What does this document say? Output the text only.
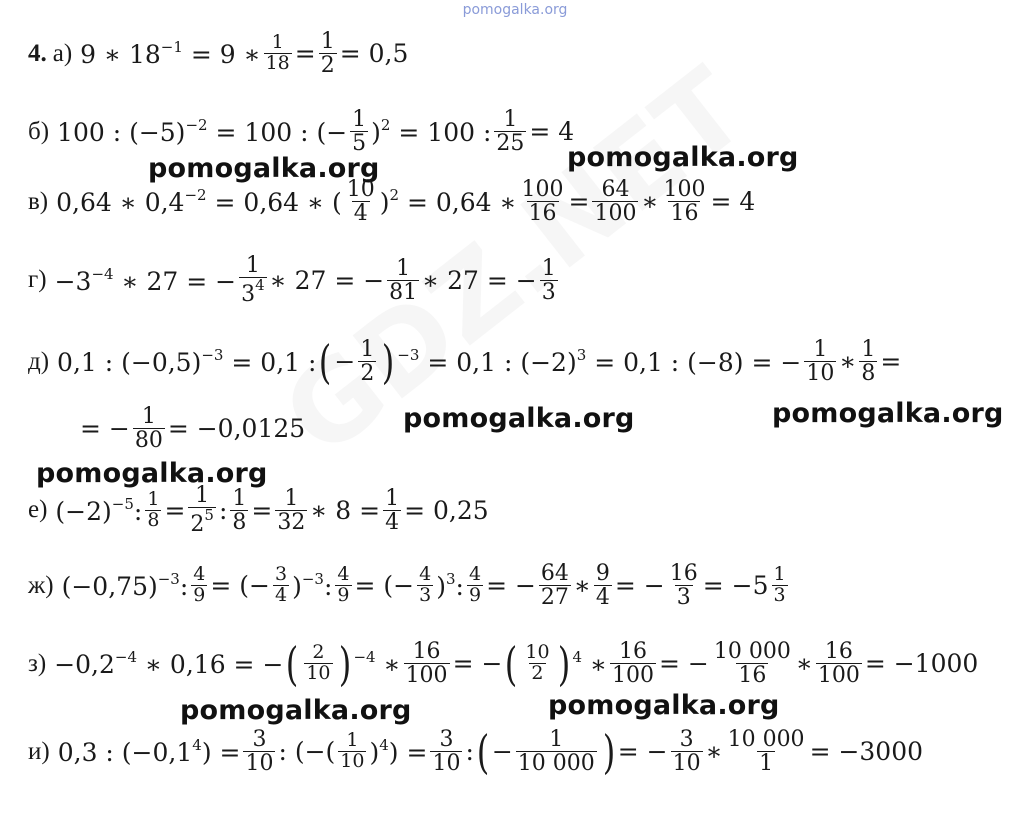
pomogalka.org
4. а) 9 ∗ $18^{-1} = 9$ ∗ $\frac{1}{18} = \frac{1}{2} = 0,5$
б) 100 : $(-5)^{-2} = 100$ : (− $\frac{1}{5} )^2 = 100$ : $\frac{1}{25} = 4$
pomogalka.org	pomogalka.org
в) 0,64 ∗ $0,4^{-2} = 0,64$ ∗ ( $\frac{10}{4} )^2 = 0,64$ ∗ $\frac{100}{16} = \frac{64}{100}$ ∗ $\frac{100}{16} = 4$
$г) -3^{-4}$ ∗ 27 = − $\frac{1}{3^4}$ ∗ 27 = − $\frac{1}{81}$ ∗ 27 = − $\frac{1}{3}$
д) 0,1 : $(-0,5)^{-3} = 0,1$ : ( − $\frac{1}{2}$ ) $^{-3}$ = 0,1 : $(-2)^3 = 0,1$ : (−8) = − $\frac{1}{10}$ ∗ $\frac{1}{8}$ =
= − $\frac{1}{80} = -0,0125$	pomogalka.org	pomogalka.org
pomogalka.org
е) $(-2)^{-5}$: $\frac{1}{8} = \frac{1}{2^5}$ : $\frac{1}{8} = \frac{1}{32}$ ∗ $8 = \frac{1}{4} = 0,25$
ж) $(-0,75)^{-3}$: $\frac{4}{9}$ = (− $\frac{3}{4} )^{-3}$: $\frac{4}{9}$ = (− $\frac{4}{3} )^3$: $\frac{4}{9}$ = − $\frac{64}{27}$ ∗ $\frac{9}{4}$ = − $\frac{16}{3} = -5 \frac{1}{3}$
$з) -0,2^{-4}$ ∗ 0,16 = − ( $\frac{2}{10}$ ) $^{-4}$ ∗ $\frac{16}{100}$ = − ( $\frac{10}{2}$ ) $^4$ ∗ $\frac{16}{100}$ = − $\frac{10 000}{16}$ ∗ $\frac{16}{100} = -1000$
pomogalka.org	pomogalka.org
и) 0,3 : $(-0,1^4) = \frac{3}{10}$ : (−( $\frac{1}{10} )^4) = \frac{3}{10}$ : ( − $\frac{1}{10 000}$ ) = − $\frac{3}{10}$ ∗ $\frac{10 000}{1} = -3000$
